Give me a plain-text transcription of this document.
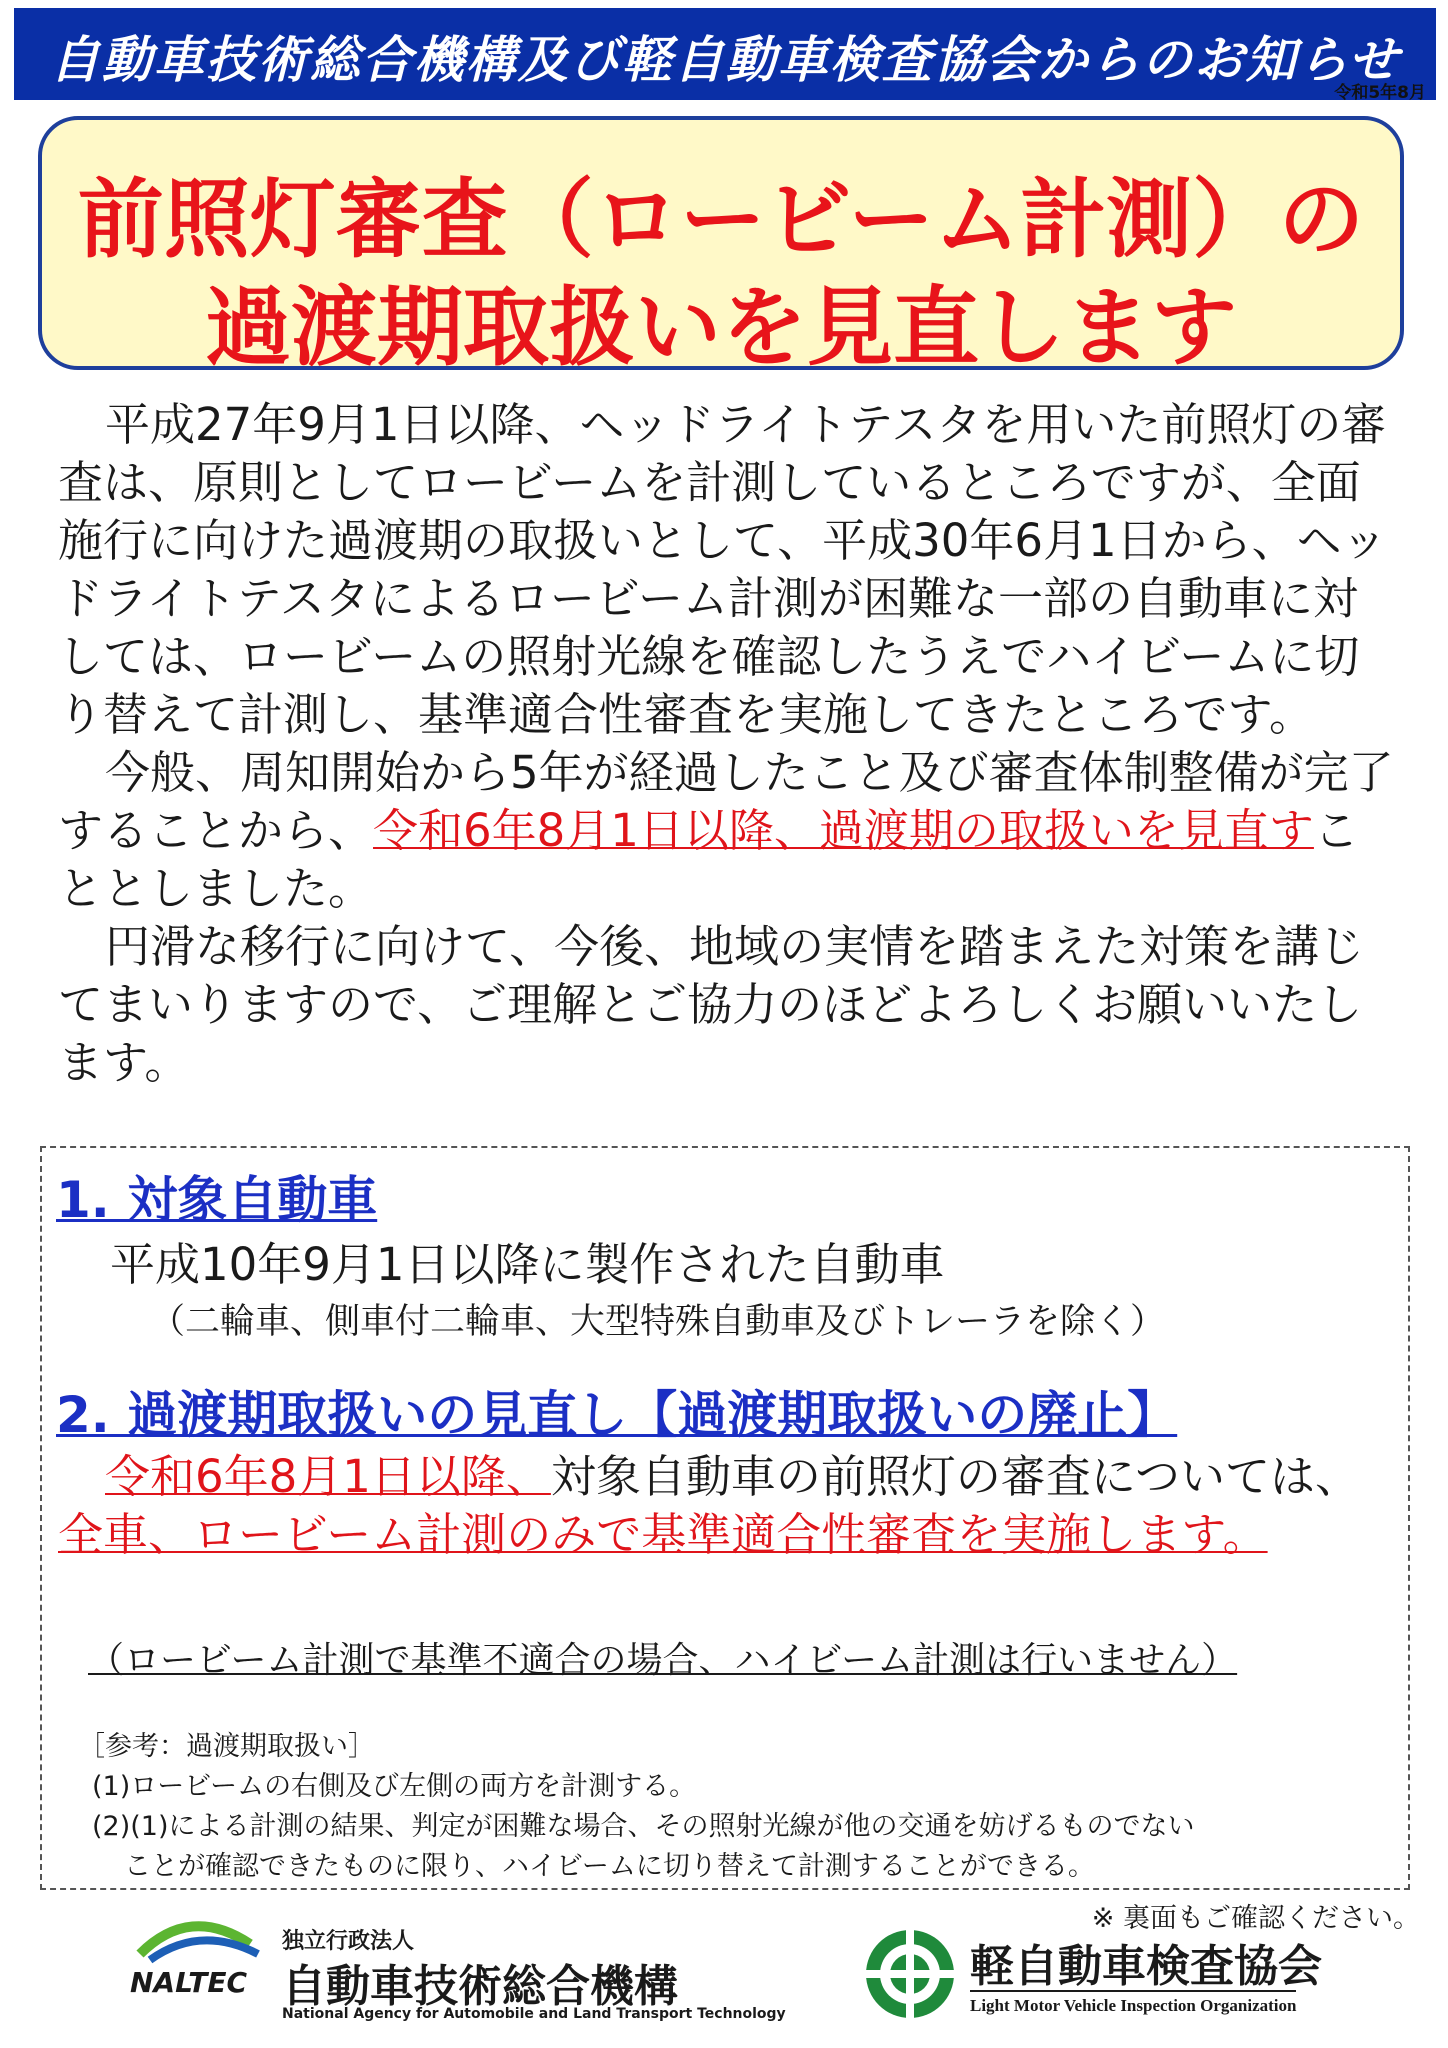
自動車技術総合機構及び軽自動車検査協会からのお知らせ
令和5年8月
前照灯審査（ロービーム計測）の
過渡期取扱いを見直します

平成27年9月1日以降、ヘッドライトテスタを用いた前照灯の審査は、原則としてロービームを計測しているところですが、全面施行に向けた過渡期の取扱いとして、平成30年6月1日から、ヘッドライトテスタによるロービーム計測が困難な一部の自動車に対しては、ロービームの照射光線を確認したうえでハイビームに切り替えて計測し、基準適合性審査を実施してきたところです。

今般、周知開始から5年が経過したこと及び審査体制整備が完了することから、令和6年8月1日以降、過渡期の取扱いを見直すこととしました。

円滑な移行に向けて、今後、地域の実情を踏まえた対策を講じてまいりますので、ご理解とご協力のほどよろしくお願いいたします。

1. 対象自動車
平成10年9月1日以降に製作された自動車
（二輪車、側車付二輪車、大型特殊自動車及びトレーラを除く）
2. 過渡期取扱いの見直し【過渡期取扱いの廃止】
令和6年8月1日以降、対象自動車の前照灯の審査については、全車、ロービーム計測のみで基準適合性審査を実施します。
（ロービーム計測で基準不適合の場合、ハイビーム計測は行いません）
［参考：過渡期取扱い］
(1)ロービームの右側及び左側の両方を計測する。
(2)(1)による計測の結果、判定が困難な場合、その照射光線が他の交通を妨げるものでない
ことが確認できたものに限り、ハイビームに切り替えて計測することができる。
※ 裏面もご確認ください。
NALTEC
独立行政法人
自動車技術総合機構
National Agency for Automobile and Land Transport Technology
軽自動車検査協会
Light Motor Vehicle Inspection Organization
